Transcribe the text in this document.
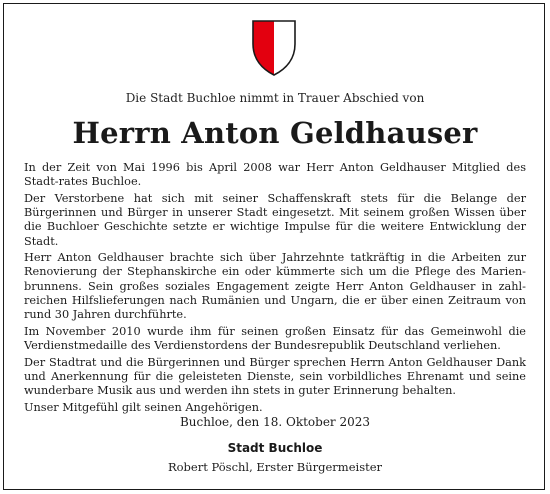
Die Stadt Buchloe nimmt in Trauer Abschied von
Herrn Anton Geldhauser

In der Zeit von Mai 1996 bis April 2008 war Herr Anton Geldhauser Mitglied des Stadt-rates Buchloe.

Der Verstorbene hat sich mit seiner Schaffenskraft stets für die Belange der Bürgerinnen und Bürger in unserer Stadt eingesetzt. Mit seinem großen Wissen über die Buchloer Geschichte setzte er wichtige Impulse für die weitere Entwicklung der Stadt.

Herr Anton Geldhauser brachte sich über Jahrzehnte tatkräftig in die Arbeiten zur Renovierung der Stephanskirche ein oder kümmerte sich um die Pflege des Marien-brunnens. Sein großes soziales Engagement zeigte Herr Anton Geldhauser in zahl-reichen Hilfslieferungen nach Rumänien und Ungarn, die er über einen Zeitraum von rund 30 Jahren durchführte.

Im November 2010 wurde ihm für seinen großen Einsatz für das Gemeinwohl die Verdienstmedaille des Verdienstordens der Bundesrepublik Deutschland verliehen.

Der Stadtrat und die Bürgerinnen und Bürger sprechen Herrn Anton Geldhauser Dank und Anerkennung für die geleisteten Dienste, sein vorbildliches Ehrenamt und seine wunderbare Musik aus und werden ihn stets in guter Erinnerung behalten.

Unser Mitgefühl gilt seinen Angehörigen.

Buchloe, den 18. Oktober 2023
Stadt Buchloe
Robert Pöschl, Erster Bürgermeister
